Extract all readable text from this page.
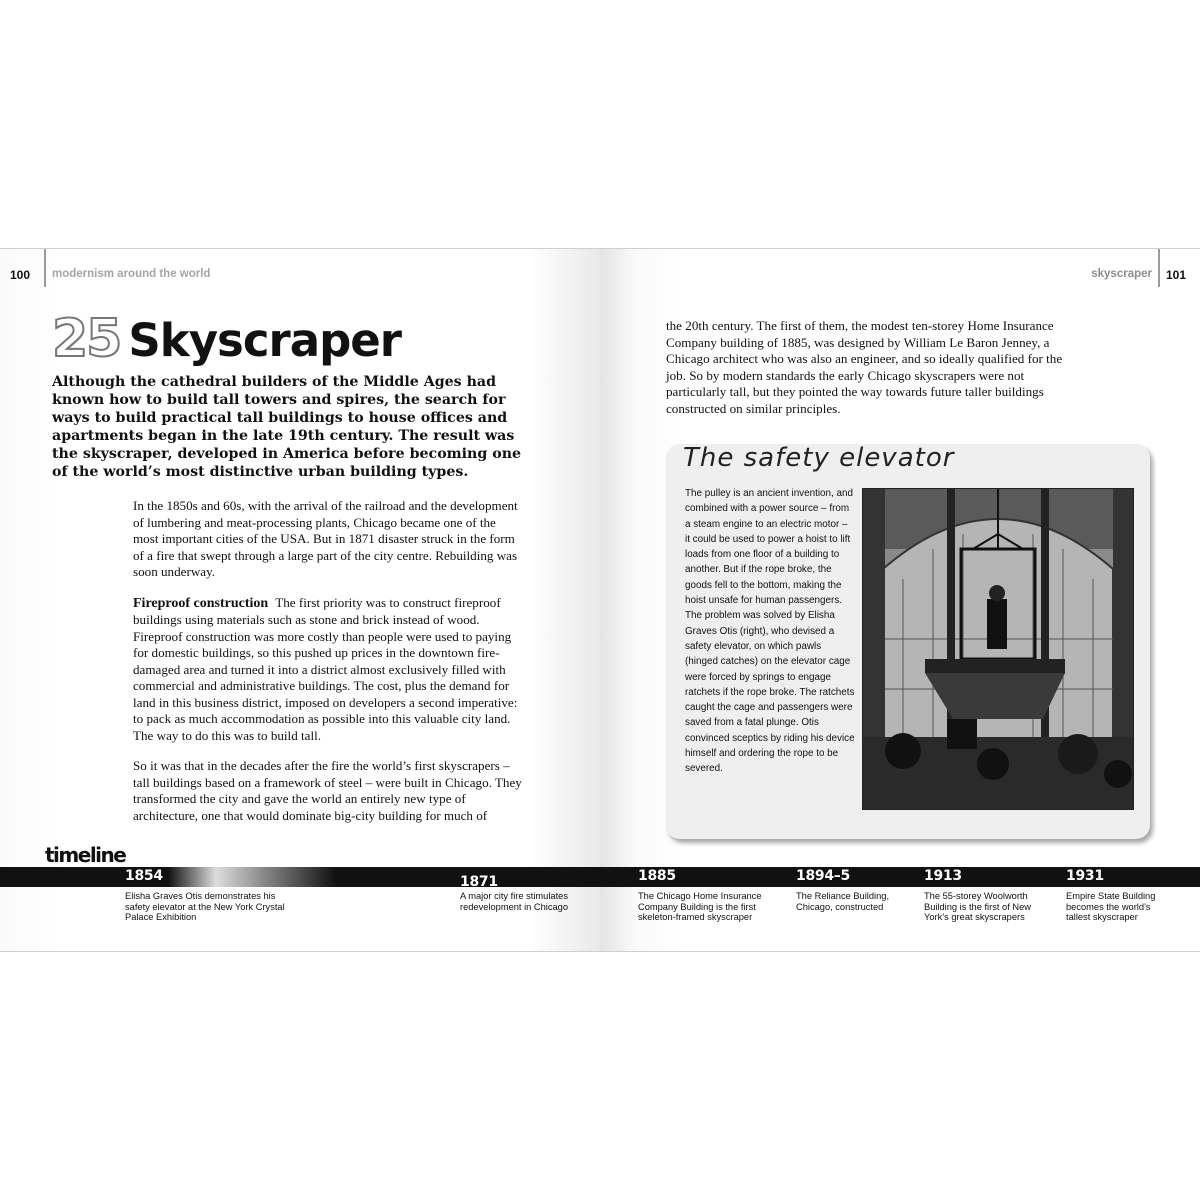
100 modernism around the world
25 Skyscraper
Although the cathedral builders of the Middle Ages had known how to build tall towers and spires, the search for ways to build practical tall buildings to house offices and apartments began in the late 19th century. The result was the skyscraper, developed in America before becoming one of the world’s most distinctive urban building types.

In the 1850s and 60s, with the arrival of the railroad and the development of lumbering and meat-processing plants, Chicago became one of the most important cities of the USA. But in 1871 disaster struck in the form of a fire that swept through a large part of the city centre. Rebuilding was soon underway.

Fireproof construction The first priority was to construct fireproof buildings using materials such as stone and brick instead of wood. Fireproof construction was more costly than people were used to paying for domestic buildings, so this pushed up prices in the downtown fire-damaged area and turned it into a district almost exclusively filled with commercial and administrative buildings. The cost, plus the demand for land in this business district, imposed on developers a second imperative: to pack as much accommodation as possible into this valuable city land. The way to do this was to build tall.

So it was that in the decades after the fire the world’s first skyscrapers – tall buildings based on a framework of steel – were built in Chicago. They transformed the city and gave the world an entirely new type of architecture, one that would dominate big-city building for much of

timeline
1854
Elisha Graves Otis demonstrates his safety elevator at the New York Crystal Palace Exhibition
1871
A major city fire stimulates redevelopment in Chicago
skyscraper 101
the 20th century. The first of them, the modest ten-storey Home Insurance Company building of 1885, was designed by William Le Baron Jenney, a Chicago architect who was also an engineer, and so ideally qualified for the job. So by modern standards the early Chicago skyscrapers were not particularly tall, but they pointed the way towards future taller buildings constructed on similar principles.
The safety elevator
The pulley is an ancient invention, and combined with a power source – from a steam engine to an electric motor – it could be used to power a hoist to lift loads from one floor of a building to another. But if the rope broke, the goods fell to the bottom, making the hoist unsafe for human passengers. The problem was solved by Elisha Graves Otis (right), who devised a safety elevator, on which pawls (hinged catches) on the elevator cage were forced by springs to engage ratchets if the rope broke. The ratchets caught the cage and passengers were saved from a fatal plunge. Otis convinced sceptics by riding his device himself and ordering the rope to be severed.
1885
The Chicago Home Insurance Company Building is the first skeleton-framed skyscraper
1894–5
The Reliance Building, Chicago, constructed
1913
The 55-storey Woolworth Building is the first of New York’s great skyscrapers
1931
Empire State Building becomes the world’s tallest skyscraper
